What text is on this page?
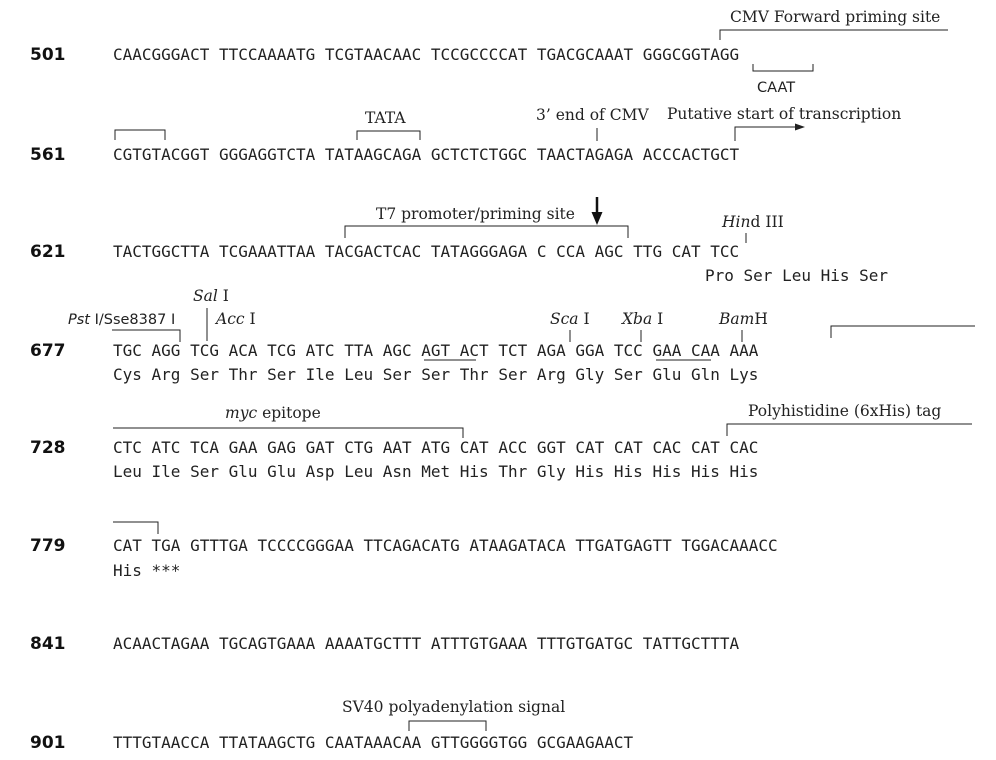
501	CAACGGGACT TTCCAAAATG TCGTAACAAC TCCGCCCCAT TGACGCAAAT GGGCGGTAGG
CMV Forward priming site
CAAT
TATA	3’ end of CMV Putative start of transcription
561	CGTGTACGGT GGGAGGTCTA TATAAGCAGA GCTCTCTGGC TAACTAGAGA ACCCACTGCT
T7 promoter/priming site	Hind III
621	TACTGGCTTA TCGAAATTAA TACGACTCAC TATAGGGAGA C CCA AGC TTG CAT TCC
Pro Ser Leu His Ser
Sal I
Pst I/Sse8387 I	Acc I	Sca I Xba I	BamH
677	TGC AGG TCG ACA TCG ATC TTA AGC AGT ACT TCT AGA GGA TCC GAA CAA AAA
Cys Arg Ser Thr Ser Ile Leu Ser Ser Thr Ser Arg Gly Ser Glu Gln Lys
myc epitope	Polyhistidine (6xHis) tag
728	CTC ATC TCA GAA GAG GAT CTG AAT ATG CAT ACC GGT CAT CAT CAC CAT CAC
Leu Ile Ser Glu Glu Asp Leu Asn Met His Thr Gly His His His His His
779	CAT TGA GTTTGA TCCCCGGGAA TTCAGACATG ATAAGATACA TTGATGAGTT TGGACAAACC
His ***
841	ACAACTAGAA TGCAGTGAAA AAAATGCTTT ATTTGTGAAA TTTGTGATGC TATTGCTTTA
SV40 polyadenylation signal
901	TTTGTAACCA TTATAAGCTG CAATAAACAA GTTGGGGTGG GCGAAGAACT
